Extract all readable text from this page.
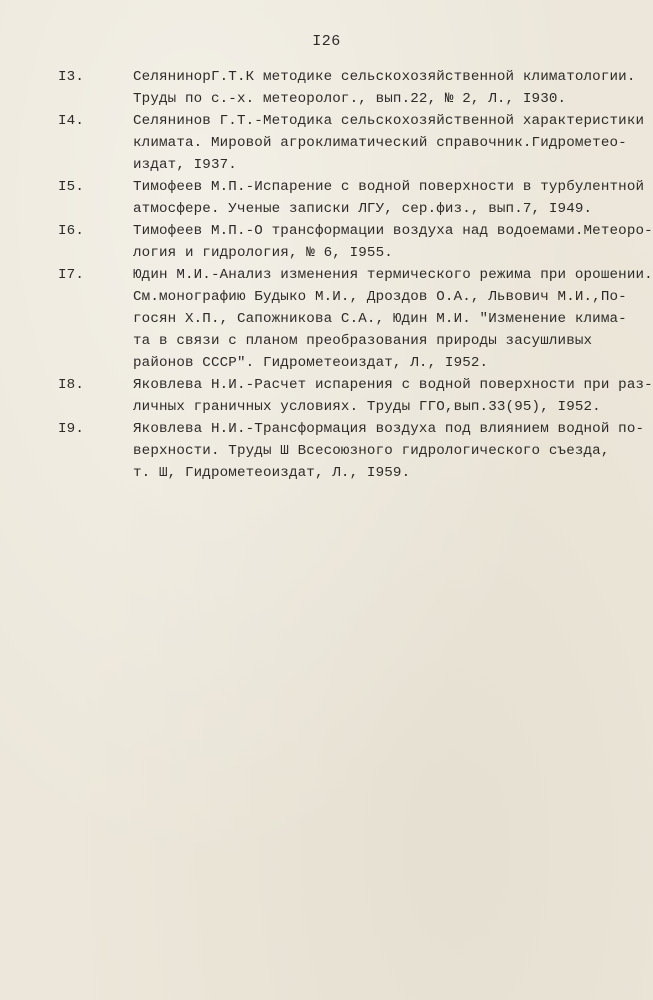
I26
I3.	СелянинорГ.Т.К методике сельскохозяйственной климатологии.
Труды по с.-х. метеоролог., вып.22, № 2, Л., I930.
I4.	Селянинов Г.Т.-Методика сельскохозяйственной характеристики
климата. Мировой агроклиматический справочник.Гидрометео-
издат, I937.
I5.	Тимофеев М.П.-Испарение с водной поверхности в турбулентной
атмосфере. Ученые записки ЛГУ, сер.физ., вып.7, I949.
I6.	Тимофеев М.П.-О трансформации воздуха над водоемами.Метеоро-
логия и гидрология, № 6, I955.
I7.	Юдин М.И.-Анализ изменения термического режима при орошении.
См.монографию Будыко М.И., Дроздов О.А., Львович М.И.,По-
госян Х.П., Сапожникова С.А., Юдин М.И. "Изменение клима-
та в связи с планом преобразования природы засушливых
районов СССР". Гидрометеоиздат, Л., I952.
I8.	Яковлева Н.И.-Расчет испарения с водной поверхности при раз-
личных граничных условиях. Труды ГГО,вып.33(95), I952.
I9.	Яковлева Н.И.-Трансформация воздуха под влиянием водной по-
верхности. Труды Ш Всесоюзного гидрологического съезда,
т. Ш, Гидрометеоиздат, Л., I959.
